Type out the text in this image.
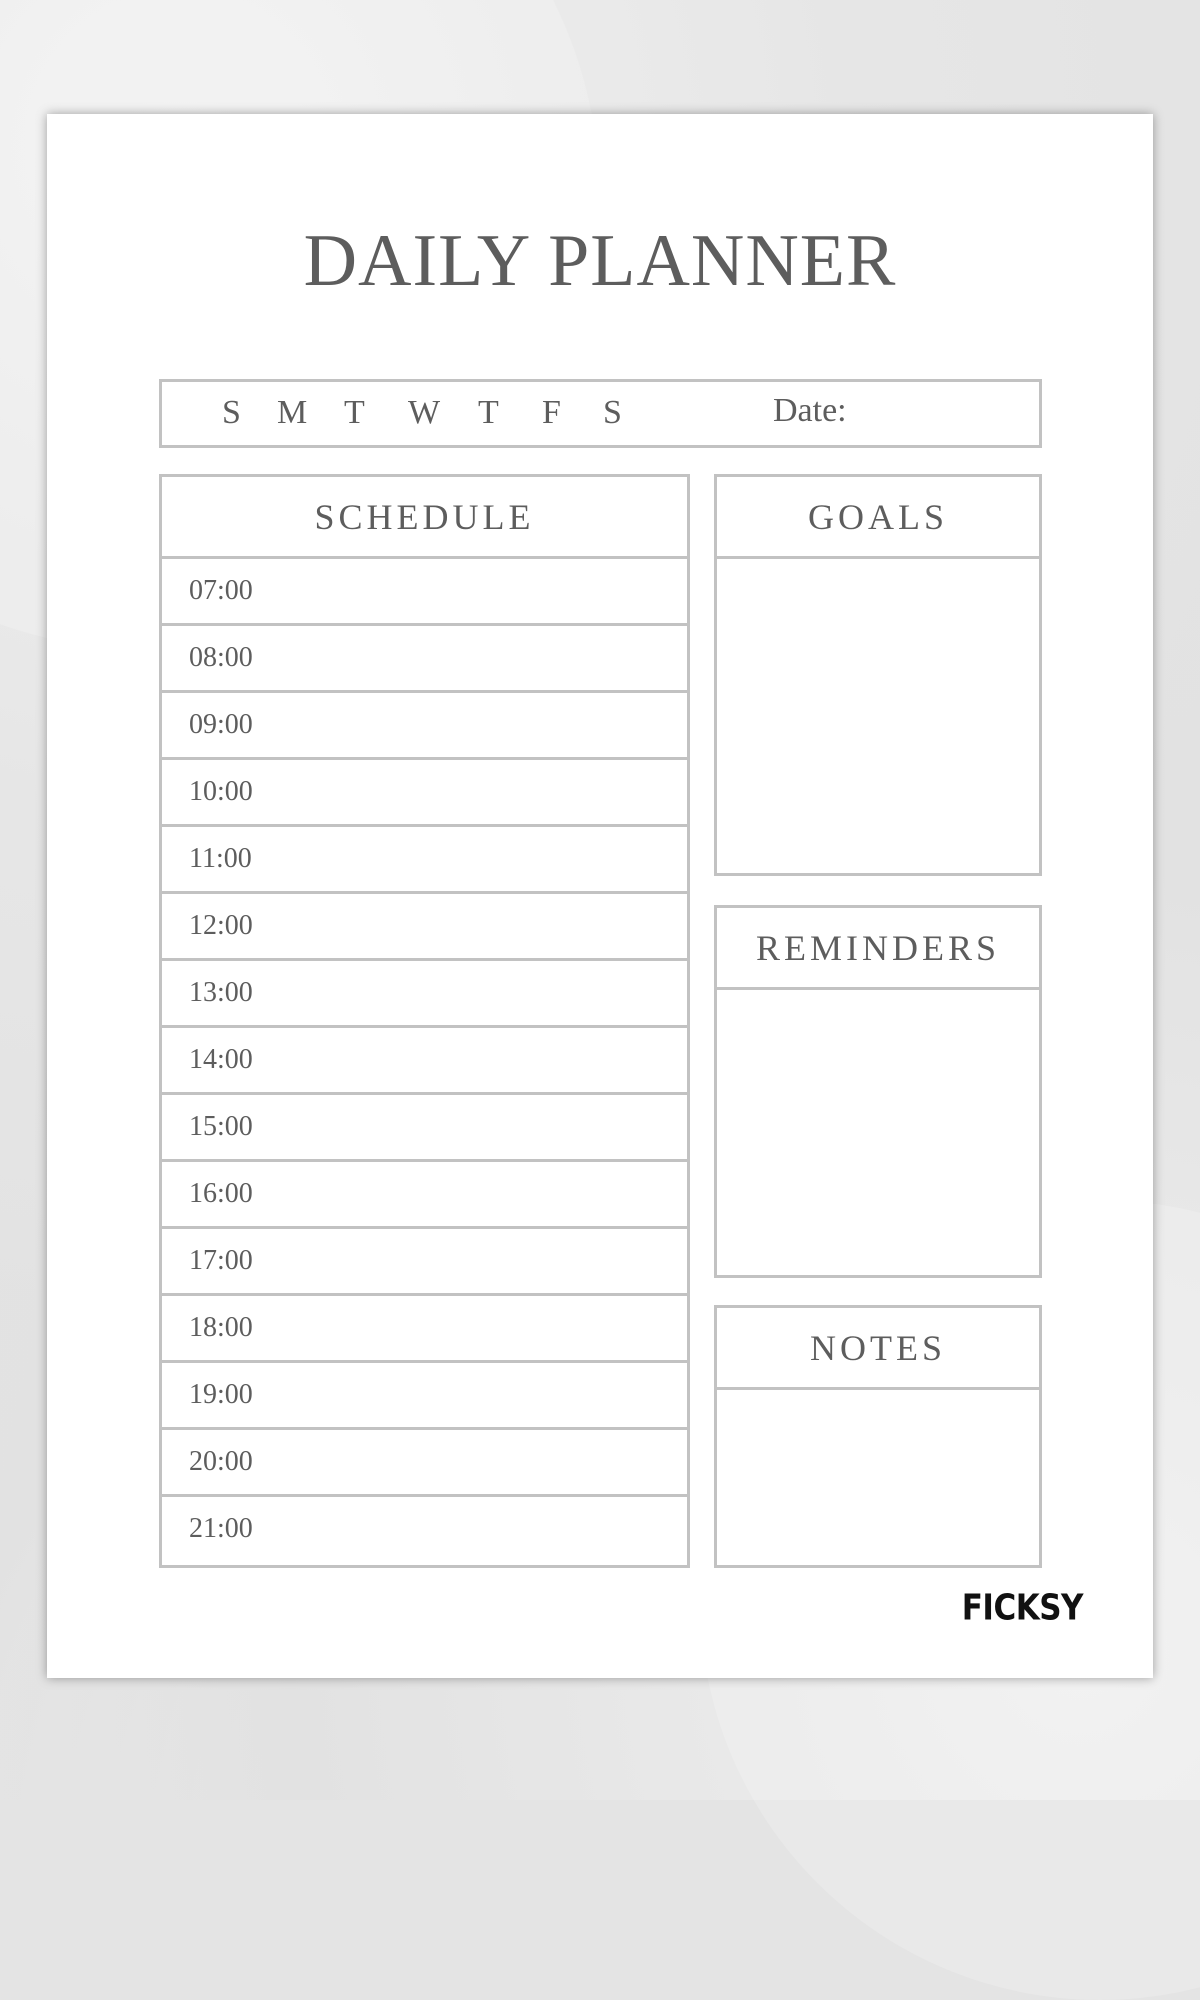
DAILY PLANNER
S M T W T F S	Date:
SCHEDULE
07:00
08:00
09:00
10:00
11:00
12:00
13:00
14:00
15:00
16:00
17:00
18:00
19:00
20:00
21:00
GOALS
REMINDERS
NOTES
FICKSY
